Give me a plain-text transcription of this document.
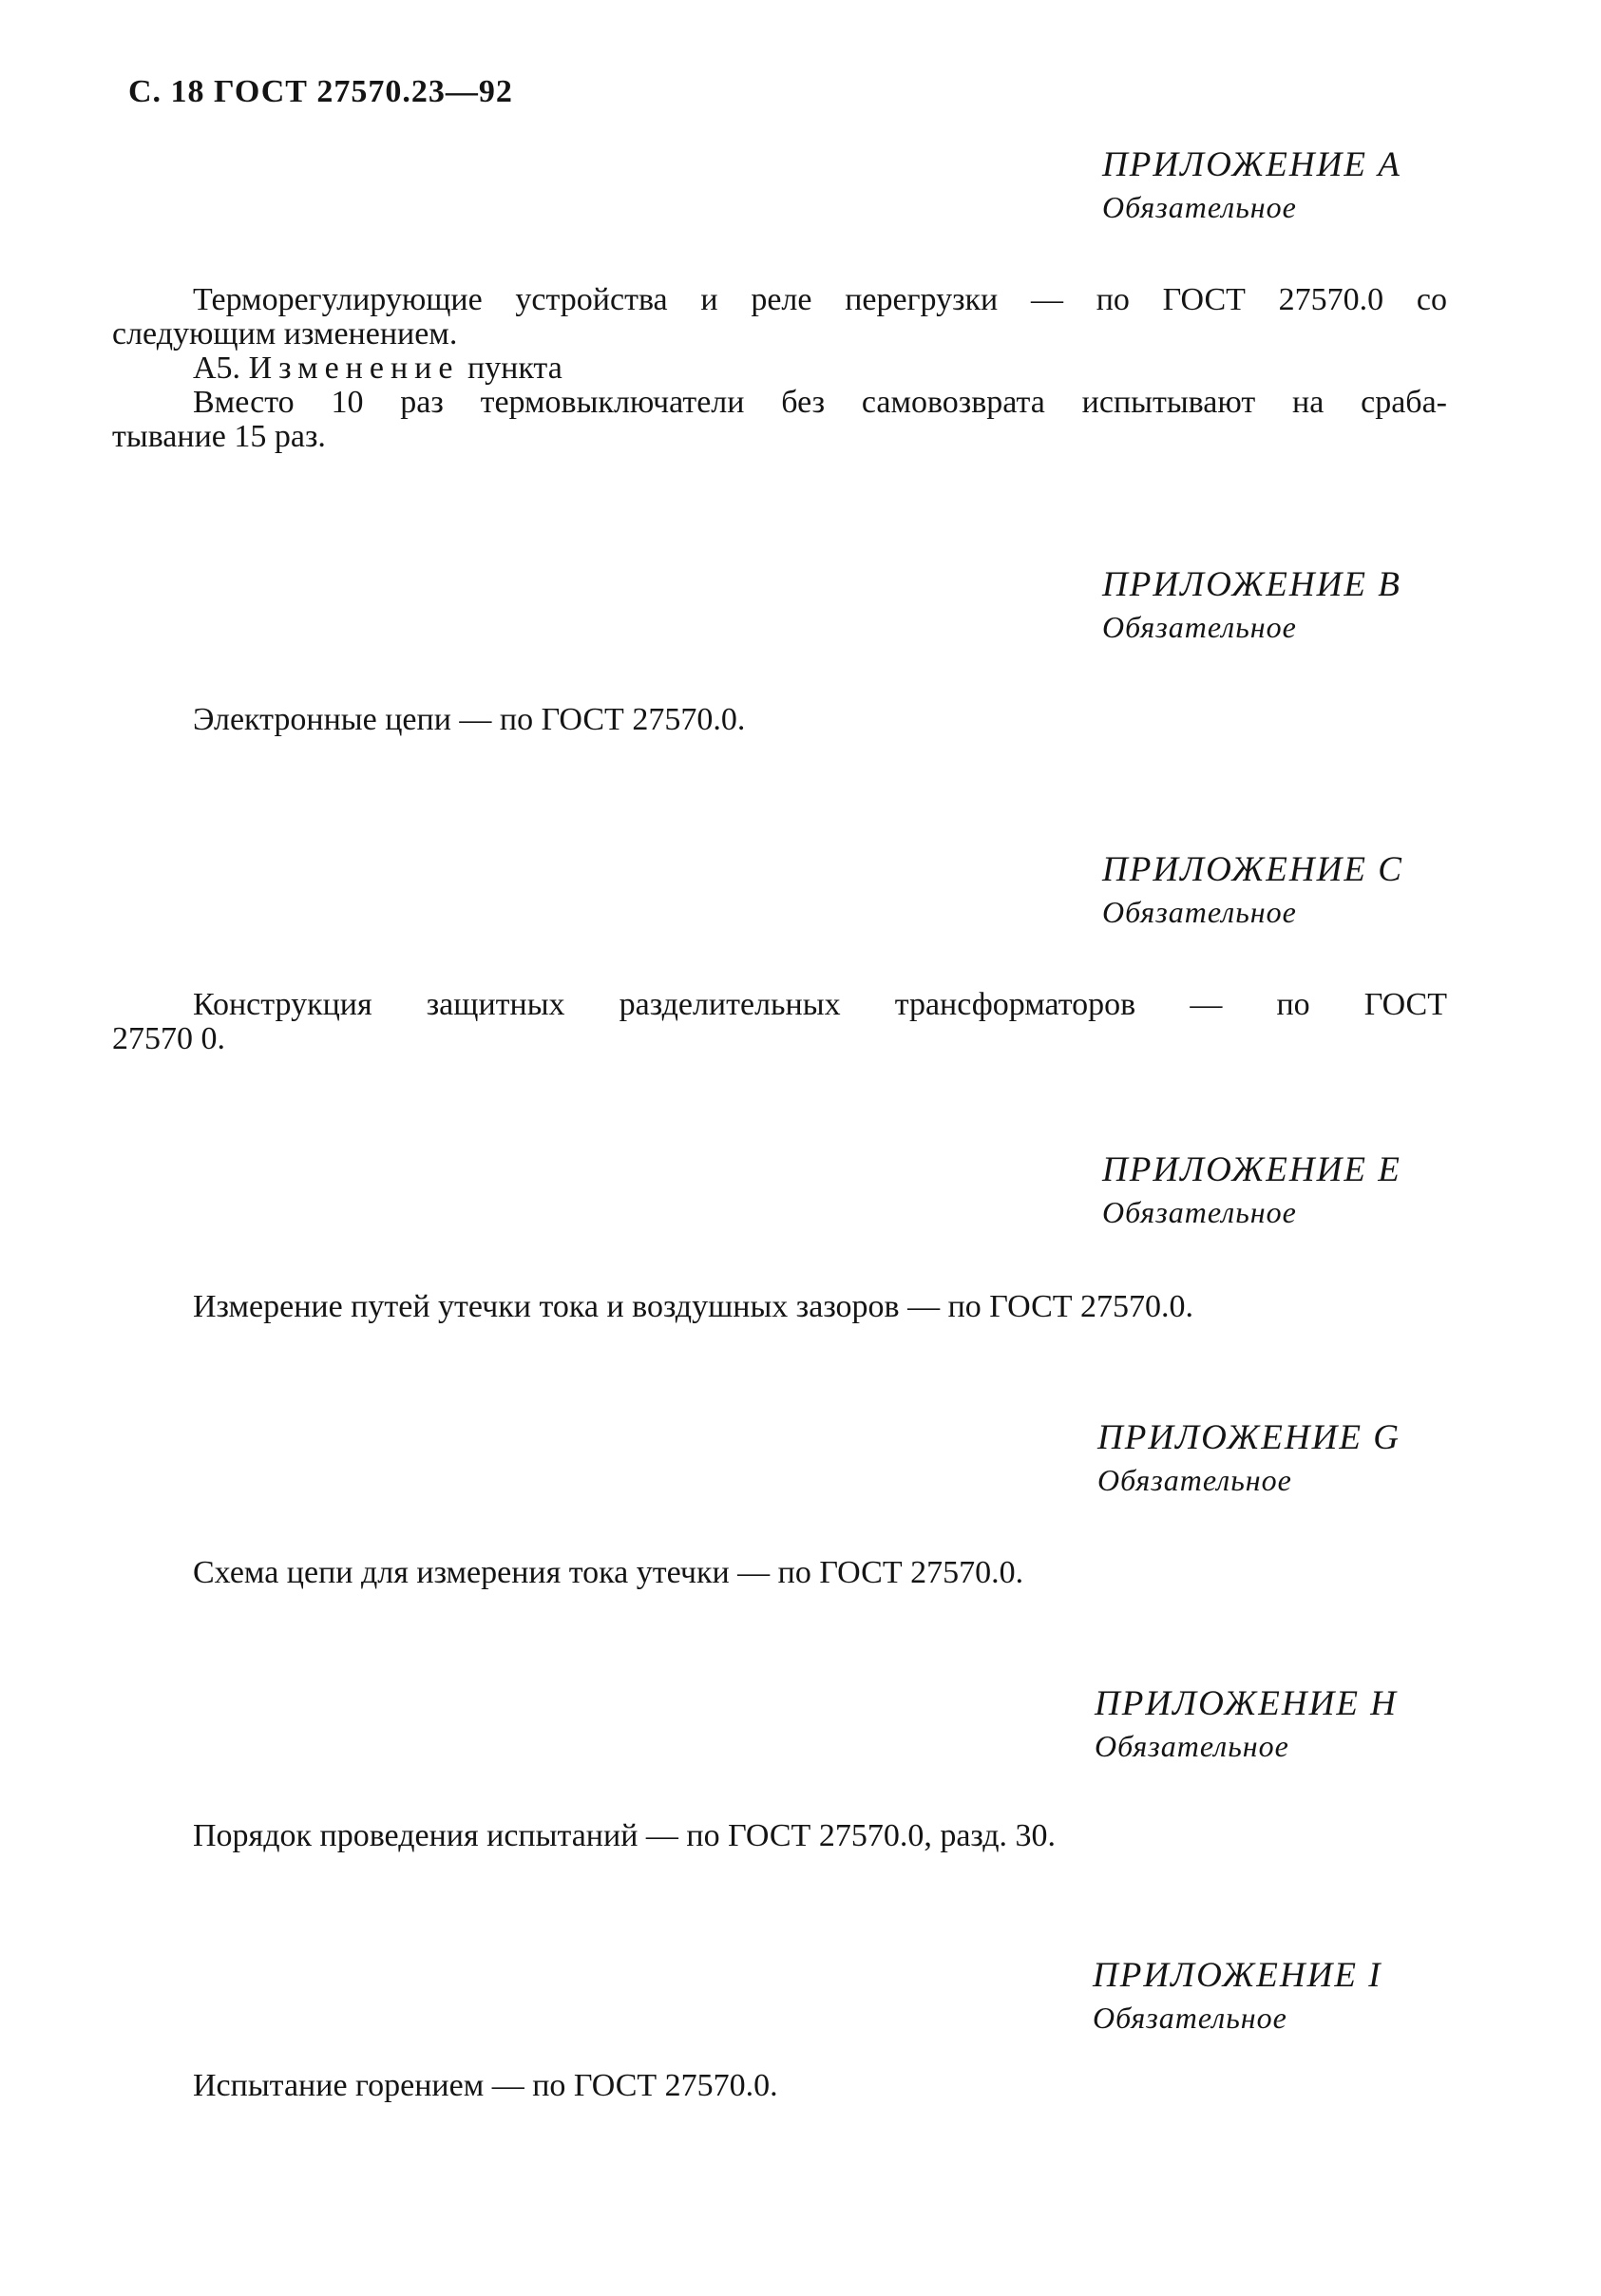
С. 18 ГОСТ 27570.23—92
ПРИЛОЖЕНИЕ А
Обязательное
Терморегулирующие устройства и реле перегрузки — по ГОСТ 27570.0 со
следующим изменением.
А5. Изменение пункта
Вместо 10 раз термовыключатели без самовозврата испытывают на сраба-
тывание 15 раз.
ПРИЛОЖЕНИЕ В
Обязательное
Электронные цепи — по ГОСТ 27570.0.
ПРИЛОЖЕНИЕ С
Обязательное
Конструкция защитных разделительных трансформаторов — по ГОСТ
27570 0.
ПРИЛОЖЕНИЕ Е
Обязательное
Измерение путей утечки тока и воздушных зазоров — по ГОСТ 27570.0.
ПРИЛОЖЕНИЕ G
Обязательное
Схема цепи для измерения тока утечки — по ГОСТ 27570.0.
ПРИЛОЖЕНИЕ Н
Обязательное
Порядок проведения испытаний — по ГОСТ 27570.0, разд. 30.
ПРИЛОЖЕНИЕ I
Обязательное
Испытание горением — по ГОСТ 27570.0.
